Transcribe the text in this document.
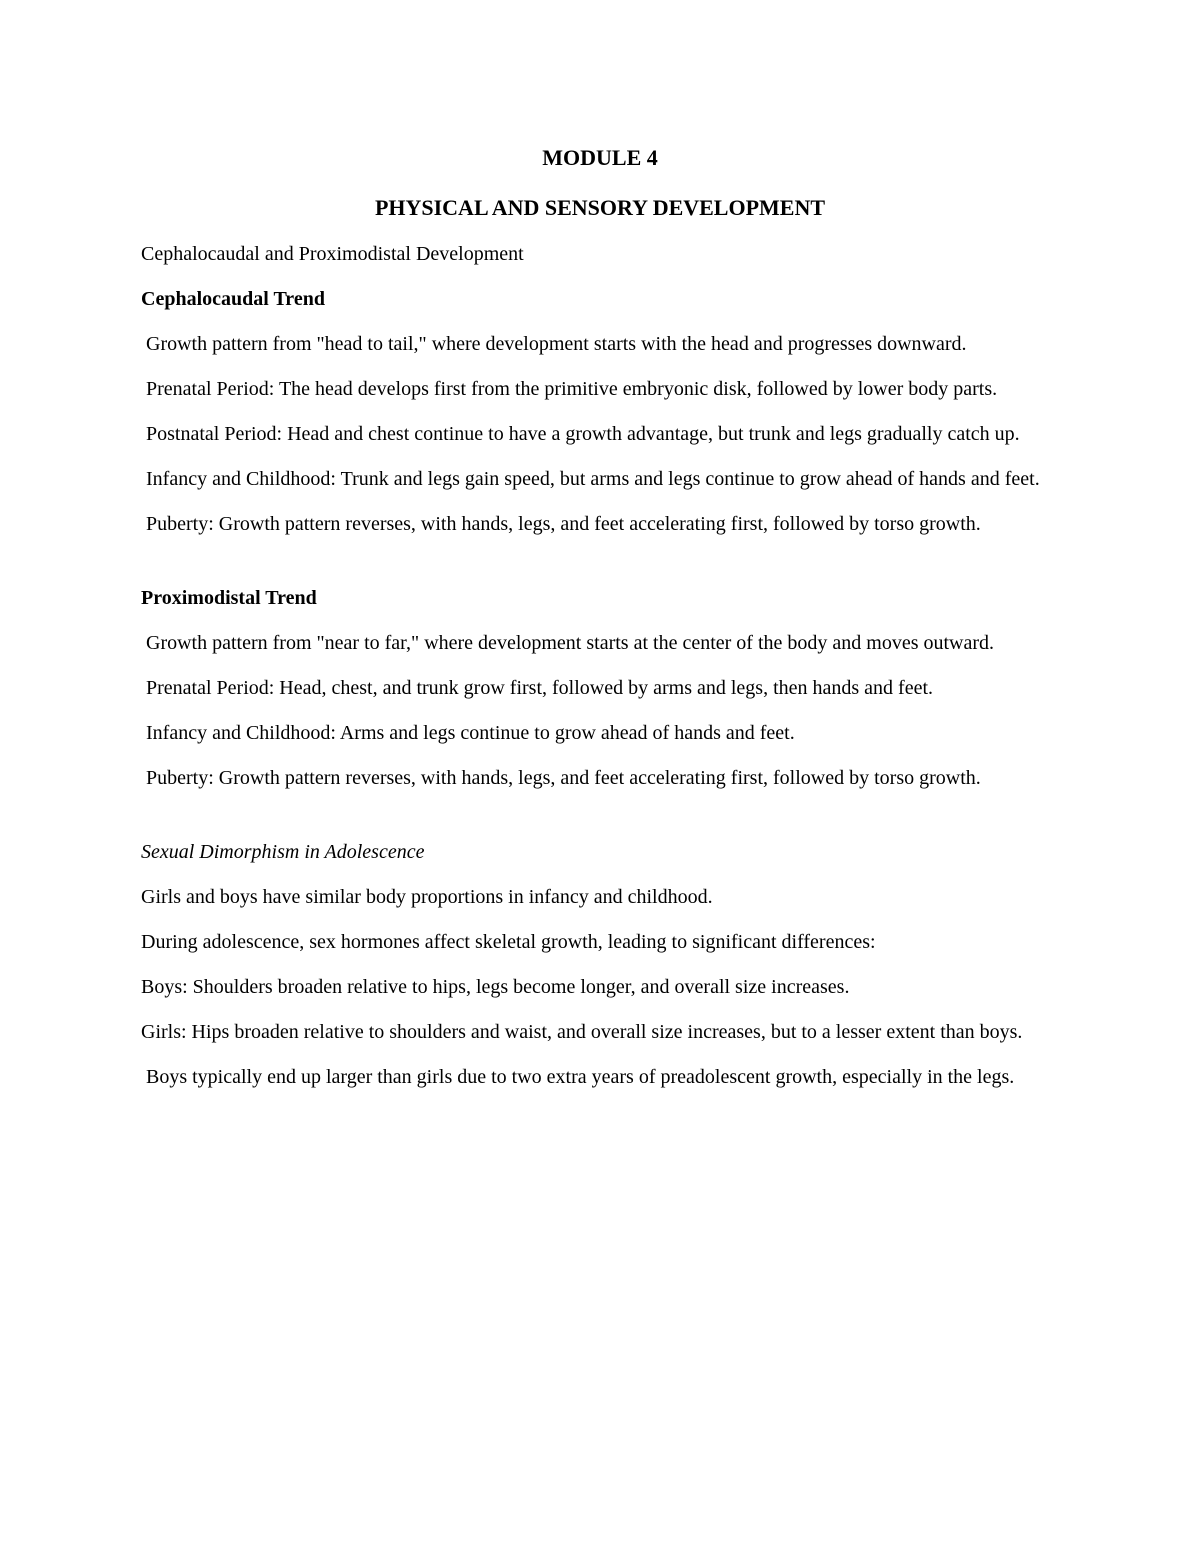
MODULE 4

PHYSICAL AND SENSORY DEVELOPMENT

Cephalocaudal and Proximodistal Development

Cephalocaudal Trend

Growth pattern from "head to tail," where development starts with the head and progresses downward.

Prenatal Period: The head develops first from the primitive embryonic disk, followed by lower body parts.

Postnatal Period: Head and chest continue to have a growth advantage, but trunk and legs gradually catch up.

Infancy and Childhood: Trunk and legs gain speed, but arms and legs continue to grow ahead of hands and feet.

Puberty: Growth pattern reverses, with hands, legs, and feet accelerating first, followed by torso growth.

Proximodistal Trend

Growth pattern from "near to far," where development starts at the center of the body and moves outward.

Prenatal Period: Head, chest, and trunk grow first, followed by arms and legs, then hands and feet.

Infancy and Childhood: Arms and legs continue to grow ahead of hands and feet.

Puberty: Growth pattern reverses, with hands, legs, and feet accelerating first, followed by torso growth.

Sexual Dimorphism in Adolescence

Girls and boys have similar body proportions in infancy and childhood.

During adolescence, sex hormones affect skeletal growth, leading to significant differences:

Boys: Shoulders broaden relative to hips, legs become longer, and overall size increases.

Girls: Hips broaden relative to shoulders and waist, and overall size increases, but to a lesser extent than boys.

Boys typically end up larger than girls due to two extra years of preadolescent growth, especially in the legs.
